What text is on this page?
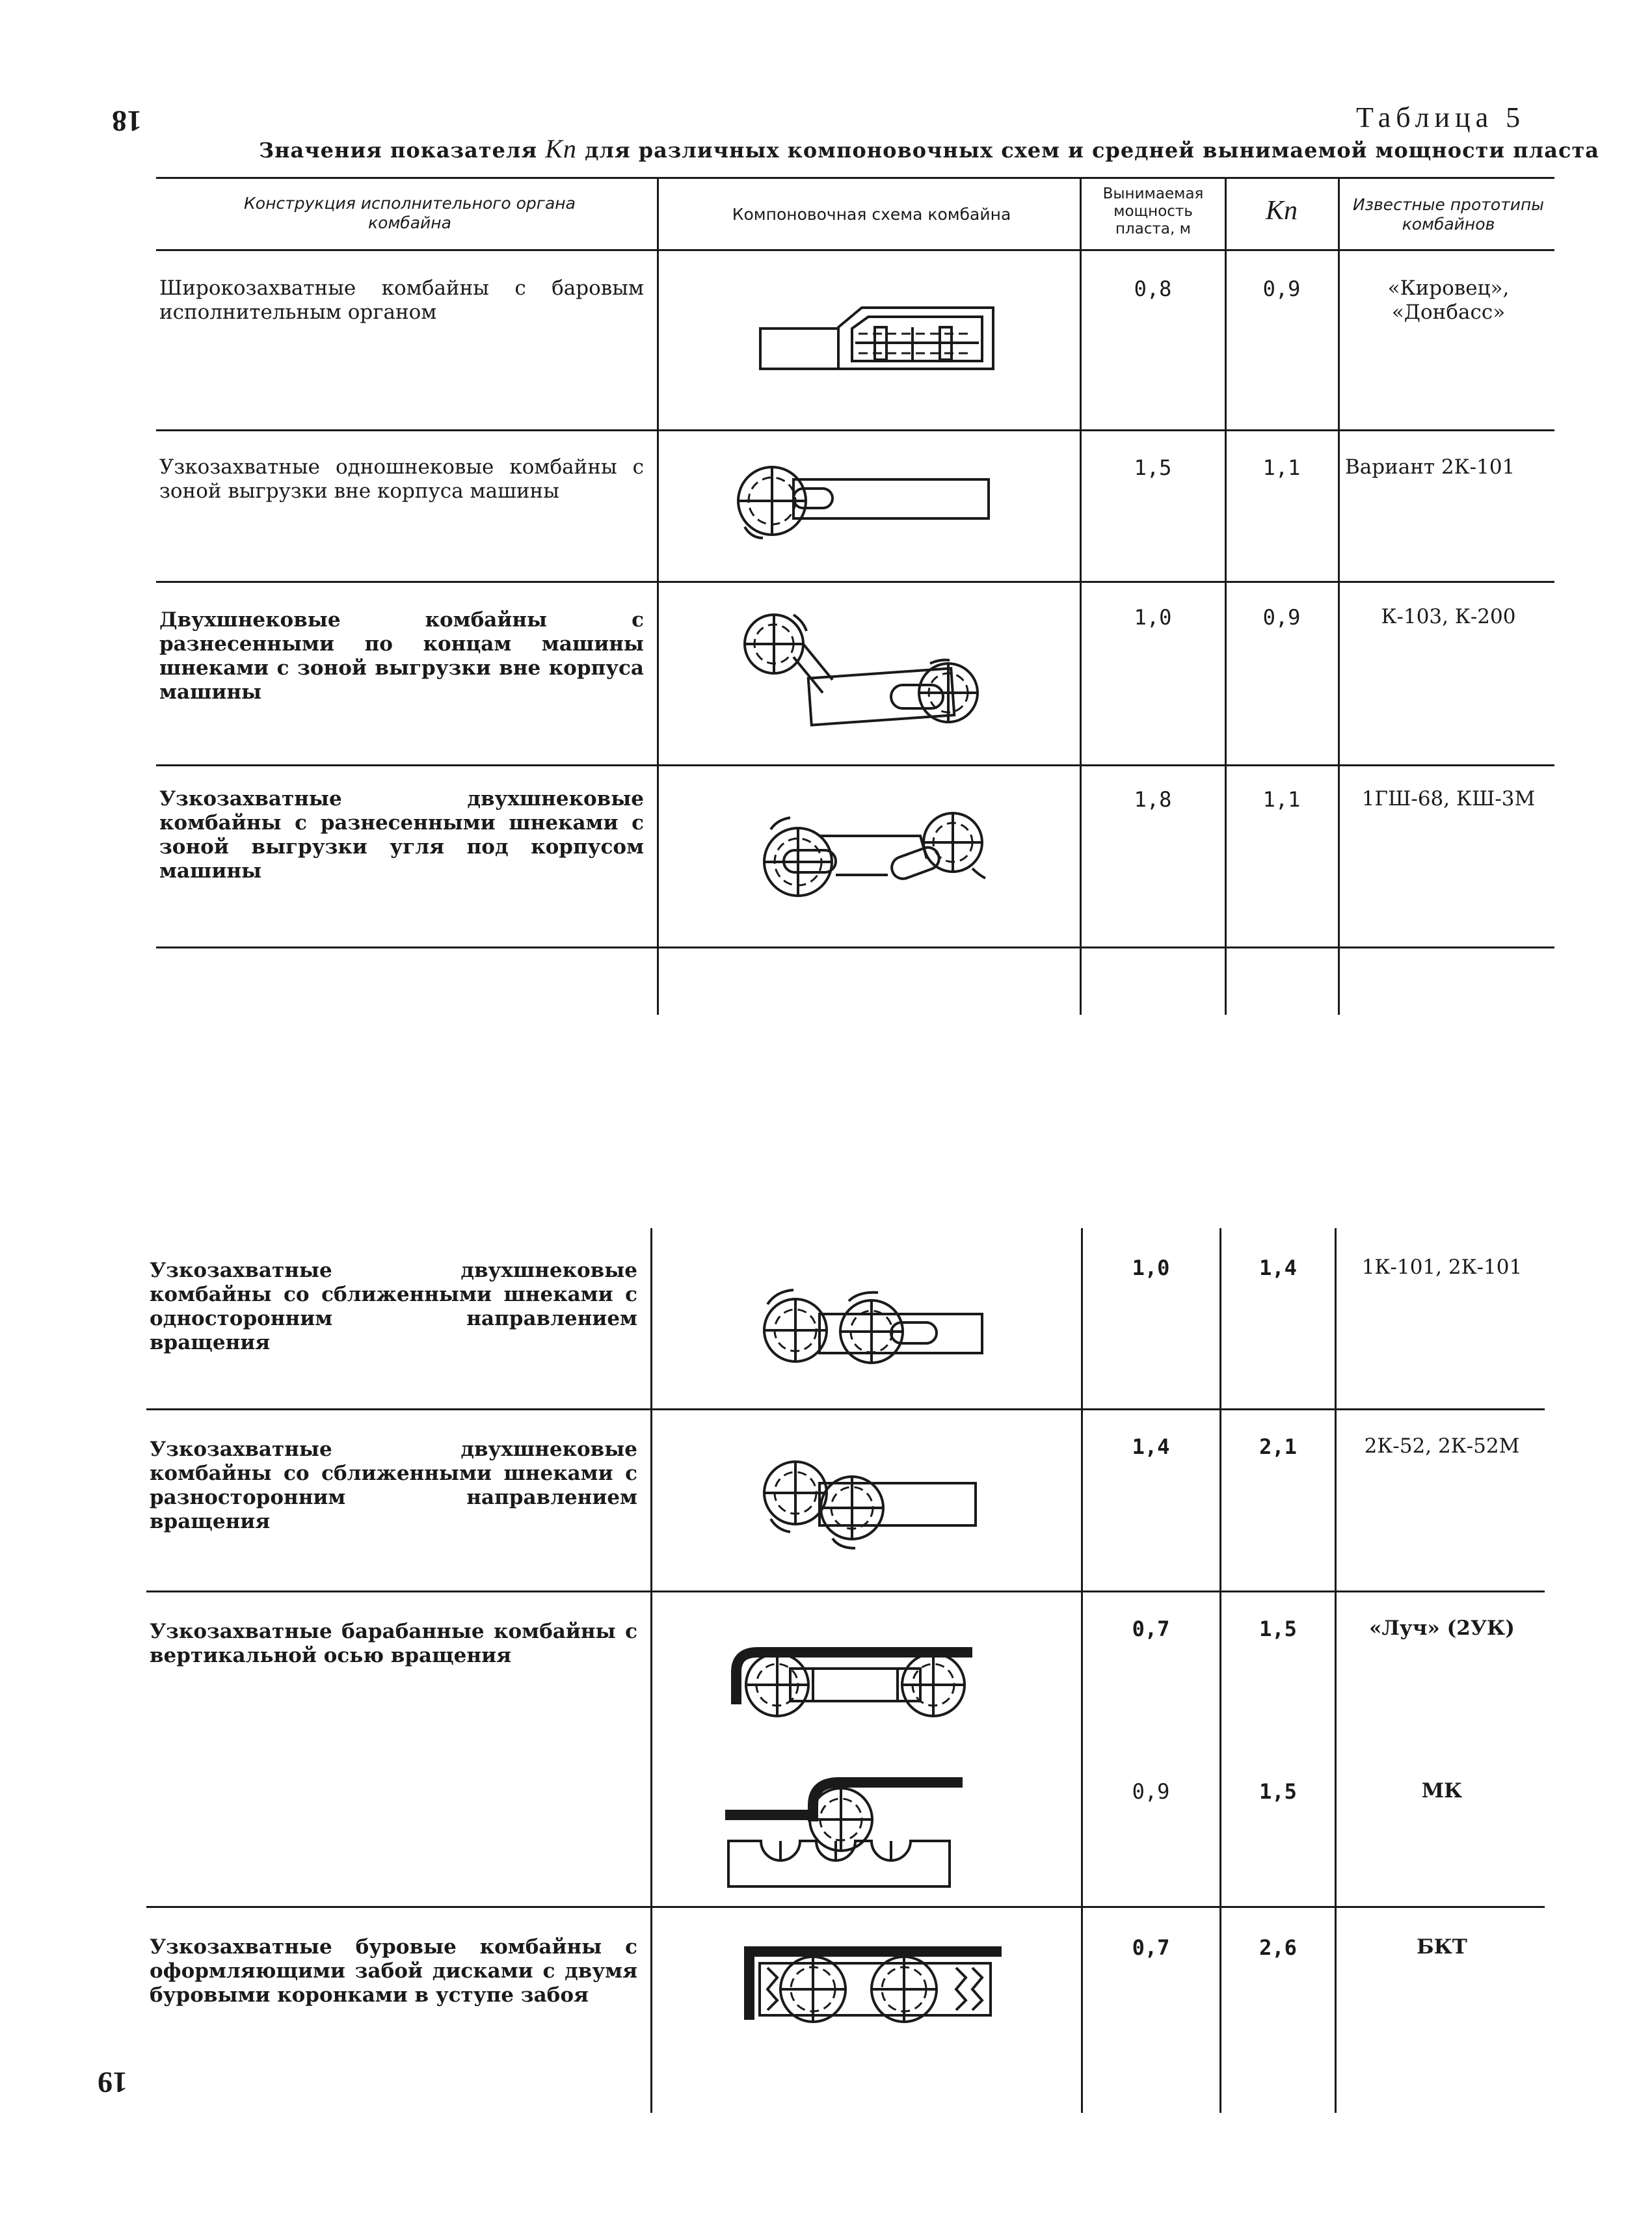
18
19
Таблица 5
Значения показателя Kп для различных компоновочных схем и средней вынимаемой мощности пласта
Конструкция исполнительного органа комбайна	Компоновочная схема комбайна
Вынимаемая мощность пласта, м
Kп	Известные прототипы комбайнов
Широкозахватные комбайны с баровым исполнительным органом
0,8	0,9	«Кировец», «Донбасс»
Узкозахватные одношнековые комбайны с зоной выгрузки вне корпуса машины
1,5	1,1	Вариант 2К-101
Двухшнековые комбайны с разнесенными по концам машины шнеками с зоной выгрузки вне корпуса машины
1,0	0,9	К-103, К-200
Узкозахватные двухшнековые комбайны с разнесенными шнеками с зоной выгрузки угля под корпусом машины
1,8	1,1	1ГШ-68, КШ-3М
Узкозахватные двухшнековые комбайны со сближенными шнеками с односторонним направлением вращения
1,0	1,4	1К-101, 2К-101
Узкозахватные двухшнековые комбайны со сближенными шнеками с разносторонним направлением вращения
1,4	2,1	2К-52, 2К-52М
Узкозахватные барабанные комбайны с вертикальной осью вращения
0,7	1,5	«Луч» (2УК)
0,9	1,5	МК
Узкозахватные буровые комбайны с оформляющими забой дисками с двумя буровыми коронками в уступе забоя
0,7	2,6	БКТ
